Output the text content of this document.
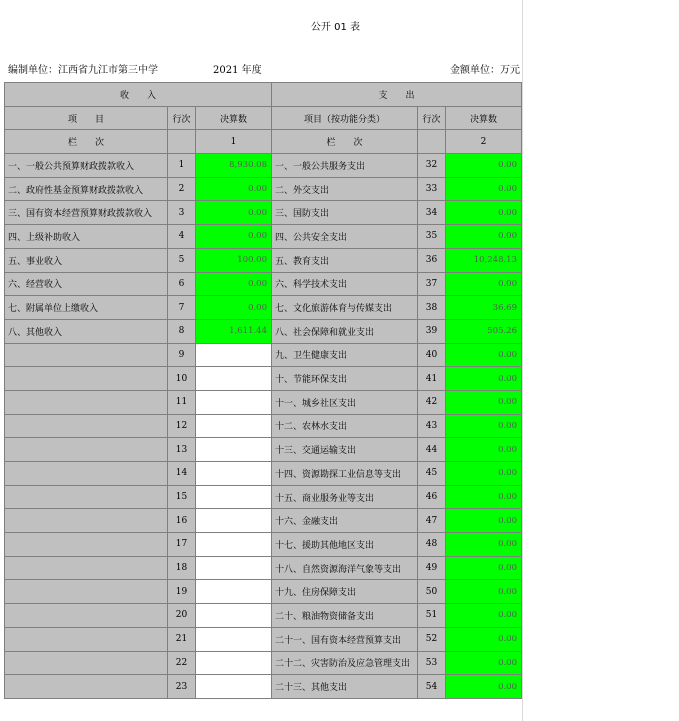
公开 01 表
编制单位：江西省九江市第三中学	2021 年度	金额单位：万元
收　　入			支　　出		
项　　目	行次	决算数	项目（按功能分类）	行次	决算数
栏　　次		1	栏　　次		2
一、一般公共预算财政拨款收入	1	8,930.08	一、一般公共服务支出	32	0.00
二、政府性基金预算财政拨款收入	2	0.00	二、外交支出	33	0.00
三、国有资本经营预算财政拨款收入	3	0.00	三、国防支出	34	0.00
四、上级补助收入	4	0.00	四、公共安全支出	35	0.00
五、事业收入	5	100.00	五、教育支出	36	10,248.13
六、经营收入	6	0.00	六、科学技术支出	37	0.00
七、附属单位上缴收入	7	0.00	七、文化旅游体育与传媒支出	38	36.69
八、其他收入	8	1,611.44	八、社会保障和就业支出	39	505.26
	9		九、卫生健康支出	40	0.00
	10		十、节能环保支出	41	0.00
	11		十一、城乡社区支出	42	0.00
	12		十二、农林水支出	43	0.00
	13		十三、交通运输支出	44	0.00
	14		十四、资源勘探工业信息等支出	45	0.00
	15		十五、商业服务业等支出	46	0.00
	16		十六、金融支出	47	0.00
	17		十七、援助其他地区支出	48	0.00
	18		十八、自然资源海洋气象等支出	49	0.00
	19		十九、住房保障支出	50	0.00
	20		二十、粮油物资储备支出	51	0.00
	21		二十一、国有资本经营预算支出	52	0.00
	22		二十二、灾害防治及应急管理支出	53	0.00
	23		二十三、其他支出	54	0.00
